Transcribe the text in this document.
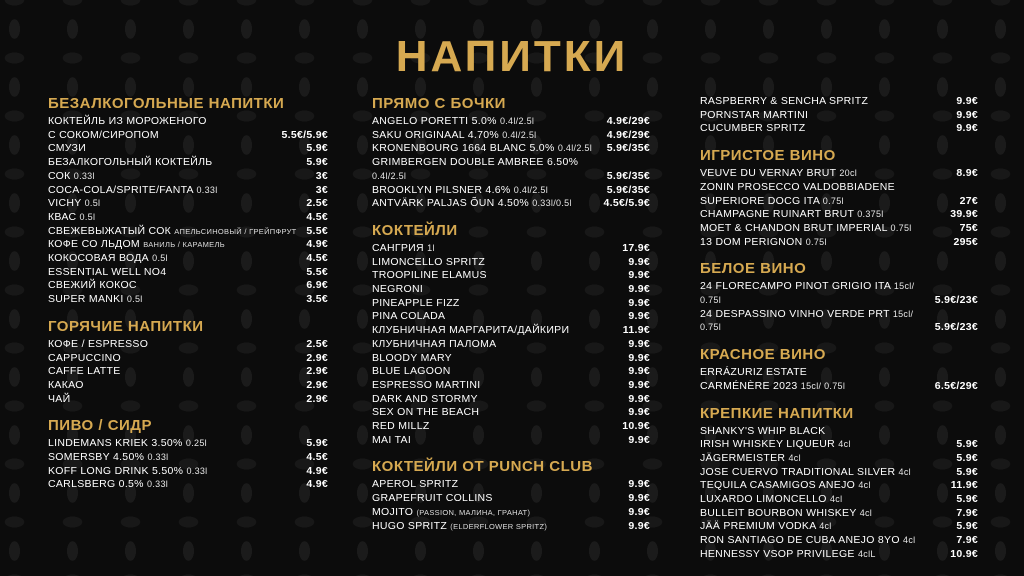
НАПИТКИ
БЕЗАЛКОГОЛЬНЫЕ НАПИТКИ
КОКТЕЙЛЬ ИЗ МОРОЖЕНОГО
С СОКОМ/СИРОПОМ	5.5€/5.9€
СМУЗИ	5.9€
БЕЗАЛКОГОЛЬНЫЙ КОКТЕЙЛЬ	5.9€
СОК 0.33l	3€
COCA-COLA/SPRITE/FANTA 0.33l	3€
VICHY 0.5l	2.5€
КВАС 0.5l	4.5€
СВЕЖЕВЫЖАТЫЙ СОК АПЕЛЬСИНОВЫЙ / ГРЕЙПФРУТ 5.5€
КОФЕ СО ЛЬДОМ ВАНИЛЬ / КАРАМЕЛЬ	4.9€
КОКОСОВАЯ ВОДА 0.5l	4.5€
ESSENTIAL WELL NO4	5.5€
СВЕЖИЙ КОКОС	6.9€
SUPER MANKI 0.5l	3.5€
ГОРЯЧИЕ НАПИТКИ
КОФЕ / ESPRESSO	2.5€
CAPPUCCINO	2.9€
CAFFE LATTE	2.9€
КАКАО	2.9€
ЧАЙ	2.9€
ПИВО / СИДР
LINDEMANS KRIEK 3.50% 0.25l	5.9€
SOMERSBY 4.50% 0.33l	4.5€
KOFF LONG DRINK 5.50% 0.33l	4.9€
CARLSBERG 0.5% 0.33l	4.9€
ПРЯМО С БОЧКИ
ANGELO PORETTI 5.0% 0.4l/2.5l	4.9€/29€
SAKU ORIGINAAL 4.70% 0.4l/2.5l	4.9€/29€
KRONENBOURG 1664 BLANC 5.0% 0.4l/2.5l	5.9€/35€
GRIMBERGEN DOUBLE AMBREE 6.50% 0.4l/2.5l	5.9€/35€
BROOKLYN PILSNER 4.6% 0.4l/2.5l	5.9€/35€
ANTVÄRK PALJAS ÕUN 4.50% 0.33l/0.5l	4.5€/5.9€
КОКТЕЙЛИ
САНГРИЯ 1l	17.9€
LIMONCELLO SPRITZ	9.9€
TROOPILINE ELAMUS	9.9€
NEGRONI	9.9€
PINEAPPLE FIZZ	9.9€
PINA COLADA	9.9€
КЛУБНИЧНАЯ МАРГАРИТА/ДАЙКИРИ	11.9€
КЛУБНИЧНАЯ ПАЛОМА	9.9€
BLOODY MARY	9.9€
BLUE LAGOON	9.9€
ESPRESSO MARTINI	9.9€
DARK AND STORMY	9.9€
SEX ON THE BEACH	9.9€
RED MILLZ	10.9€
MAI TAI	9.9€
КОКТЕЙЛИ ОТ PUNCH CLUB
APEROL SPRITZ	9.9€
GRAPEFRUIT COLLINS	9.9€
MOJITO (PASSION, МАЛИНА, ГРАНАТ)	9.9€
HUGO SPRITZ (ELDERFLOWER SPRITZ)	9.9€
RASPBERRY & SENCHA SPRITZ	9.9€
PORNSTAR MARTINI	9.9€
CUCUMBER SPRITZ	9.9€
ИГРИСТОЕ ВИНО
VEUVE DU VERNAY BRUT 20cl	8.9€
ZONIN PROSECCO VALDOBBIADENE
SUPERIORE DOCG ITA 0.75l	27€
CHAMPAGNE RUINART BRUT 0.375l	39.9€
MOET & CHANDON BRUT IMPERIAL 0.75l	75€
13 DOM PERIGNON 0.75l	295€
БЕЛОЕ ВИНО
24 FLORECAMPO PINOT GRIGIO ITA 15cl/ 0.75l	5.9€/23€
24 DESPASSINO VINHO VERDE PRT 15cl/ 0.75l	5.9€/23€
КРАСНОЕ ВИНО
ERRÁZURIZ ESTATE
CARMÉNÈRE 2023 15cl/ 0.75l	6.5€/29€
КРЕПКИЕ НАПИТКИ
SHANKY'S WHIP BLACK
IRISH WHISKEY LIQUEUR 4cl	5.9€
JÄGERMEISTER 4cl	5.9€
JOSE CUERVO TRADITIONAL SILVER 4cl	5.9€
TEQUILA CASAMIGOS ANEJO 4cl	11.9€
LUXARDO LIMONCELLO 4cl	5.9€
BULLEIT BOURBON WHISKEY 4cl	7.9€
JÄÄ PREMIUM VODKA 4cl	5.9€
RON SANTIAGO DE CUBA ANEJO 8YO 4cl	7.9€
HENNESSY VSOP PRIVILEGE 4clL	10.9€
